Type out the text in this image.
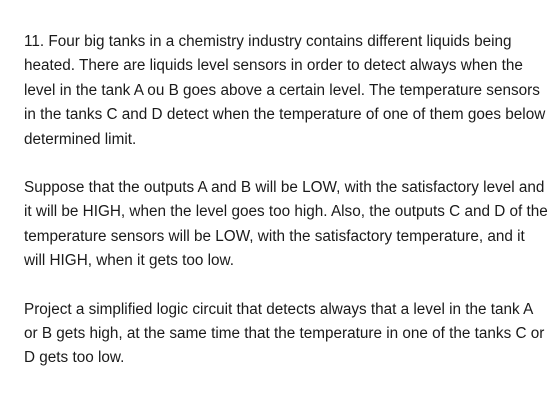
11. Four big tanks in a chemistry industry contains different liquids being heated. There are liquids level sensors in order to detect always when the level in the tank A ou B goes above a certain level. The temperature sensors in the tanks C and D detect when the temperature of one of them goes below determined limit.

Suppose that the outputs A and B will be LOW, with the satisfactory level and it will be HIGH, when the level goes too high. Also, the outputs C and D of the temperature sensors will be LOW, with the satisfactory temperature, and it will HIGH, when it gets too low.

Project a simplified logic circuit that detects always that a level in the tank A or B gets high, at the same time that the temperature in one of the tanks C or D gets too low.
